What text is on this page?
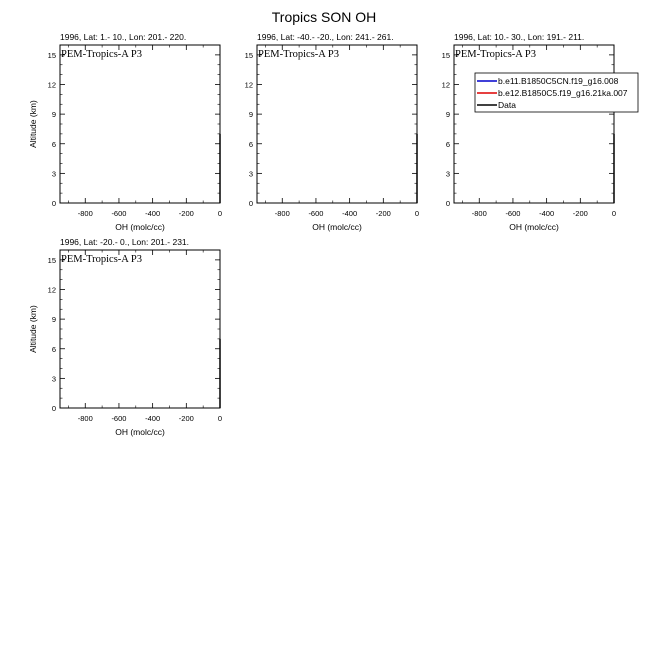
Tropics SON OH
1996, Lat: 1.- 10., Lon: 201.- 220.
PEM-Tropics-A P3
-800 -600 -400 -200	0
0
3
6
9
12
15
OH (molc/cc)
Altitude (km)
1996, Lat: -40.- -20., Lon: 241.- 261.
PEM-Tropics-A P3
-800 -600 -400 -200	0
0
3
6
9
12
15
OH (molc/cc)
1996, Lat: 10.- 30., Lon: 191.- 211.
PEM-Tropics-A P3
-800 -600 -400 -200	0
0
3
6
9
12
15
OH (molc/cc)
1996, Lat: -20.- 0., Lon: 201.- 231.
PEM-Tropics-A P3
-800 -600 -400 -200	0
0
3
6
9
12
15
OH (molc/cc)
Altitude (km)
b.e11.B1850C5CN.f19_g16.008
b.e12.B1850C5.f19_g16.21ka.007
Data
